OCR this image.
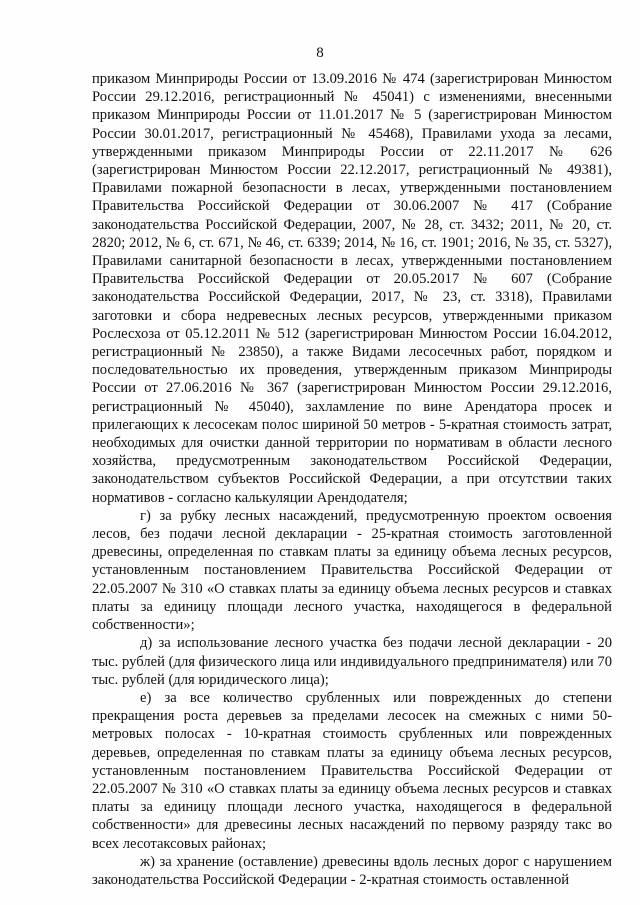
8

приказом Минприроды России от 13.09.2016 № 474 (зарегистрирован Минюстом России 29.12.2016, регистрационный № 45041) с изменениями, внесенными приказом Минприроды России от 11.01.2017 № 5 (зарегистрирован Минюстом России 30.01.2017, регистрационный № 45468), Правилами ухода за лесами, утвержденными приказом Минприроды России от 22.11.2017 № 626 (зарегистрирован Минюстом России 22.12.2017, регистрационный № 49381), Правилами пожарной безопасности в лесах, утвержденными постановлением Правительства Российской Федерации от 30.06.2007 № 417 (Собрание законодательства Российской Федерации, 2007, № 28, ст. 3432; 2011, № 20, ст. 2820; 2012, № 6, ст. 671, № 46, ст. 6339; 2014, № 16, ст. 1901; 2016, № 35, ст. 5327), Правилами санитарной безопасности в лесах, утвержденными постановлением Правительства Российской Федерации от 20.05.2017 № 607 (Собрание законодательства Российской Федерации, 2017, № 23, ст. 3318), Правилами заготовки и сбора недревесных лесных ресурсов, утвержденными приказом Рослесхоза от 05.12.2011 № 512 (зарегистрирован Минюстом России 16.04.2012, регистрационный № 23850), а также Видами лесосечных работ, порядком и последовательностью их проведения, утвержденным приказом Минприроды России от 27.06.2016 № 367 (зарегистрирован Минюстом России 29.12.2016, регистрационный № 45040), захламление по вине Арендатора просек и прилегающих к лесосекам полос шириной 50 метров - 5-кратная стоимость затрат, необходимых для очистки данной территории по нормативам в области лесного хозяйства, предусмотренным законодательством Российской Федерации, законодательством субъектов Российской Федерации, а при отсутствии таких нормативов - согласно калькуляции Арендодателя;

г) за рубку лесных насаждений, предусмотренную проектом освоения лесов, без подачи лесной декларации - 25-кратная стоимость заготовленной древесины, определенная по ставкам платы за единицу объема лесных ресурсов, установленным постановлением Правительства Российской Федерации от 22.05.2007 № 310 «О ставках платы за единицу объема лесных ресурсов и ставках платы за единицу площади лесного участка, находящегося в федеральной собственности»;

д) за использование лесного участка без подачи лесной декларации - 20 тыс. рублей (для физического лица или индивидуального предпринимателя) или 70 тыс. рублей (для юридического лица);

е) за все количество срубленных или поврежденных до степени прекращения роста деревьев за пределами лесосек на смежных с ними 50-метровых полосах - 10-кратная стоимость срубленных или поврежденных деревьев, определенная по ставкам платы за единицу объема лесных ресурсов, установленным постановлением Правительства Российской Федерации от 22.05.2007 № 310 «О ставках платы за единицу объема лесных ресурсов и ставках платы за единицу площади лесного участка, находящегося в федеральной собственности» для древесины лесных насаждений по первому разряду такс во всех лесотаксовых районах;

ж) за хранение (оставление) древесины вдоль лесных дорог с нарушением законодательства Российской Федерации - 2-кратная стоимость оставленной
